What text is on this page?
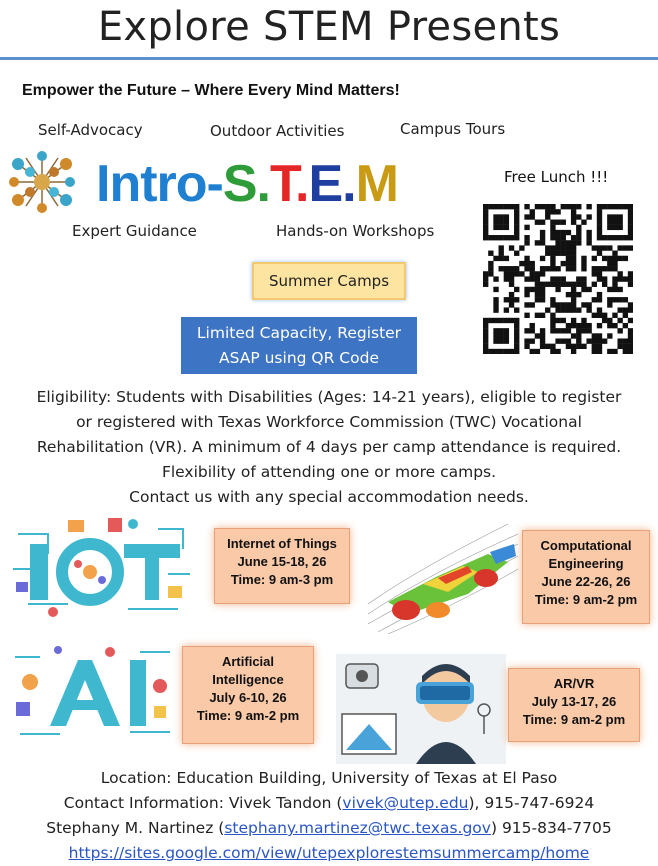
Explore STEM Presents
Empower the Future – Where Every Mind Matters!
Self-Advocacy	Outdoor Activities	Campus Tours
Intro-S.T.E.M	Free Lunch !!!
Expert Guidance	Hands-on Workshops
Summer Camps
Limited Capacity, Register
ASAP using QR Code
Eligibility: Students with Disabilities (Ages: 14-21 years), eligible to register
or registered with Texas Workforce Commission (TWC) Vocational
Rehabilitation (VR). A minimum of 4 days per camp attendance is required.
Flexibility of attending one or more camps.
Contact us with any special accommodation needs.
Internet of Things
June 15-18, 26
Time: 9 am-3 pm
Computational
Engineering
June 22-26, 26
Time: 9 am-2 pm
Artificial
Intelligence
July 6-10, 26
Time: 9 am-2 pm
AR/VR
July 13-17, 26
Time: 9 am-2 pm
Location: Education Building, University of Texas at El Paso
Contact Information: Vivek Tandon (vivek@utep.edu), 915-747-6924
Stephany M. Nartinez (stephany.martinez@twc.texas.gov) 915-834-7705
https://sites.google.com/view/utepexplorestemsummercamp/home
